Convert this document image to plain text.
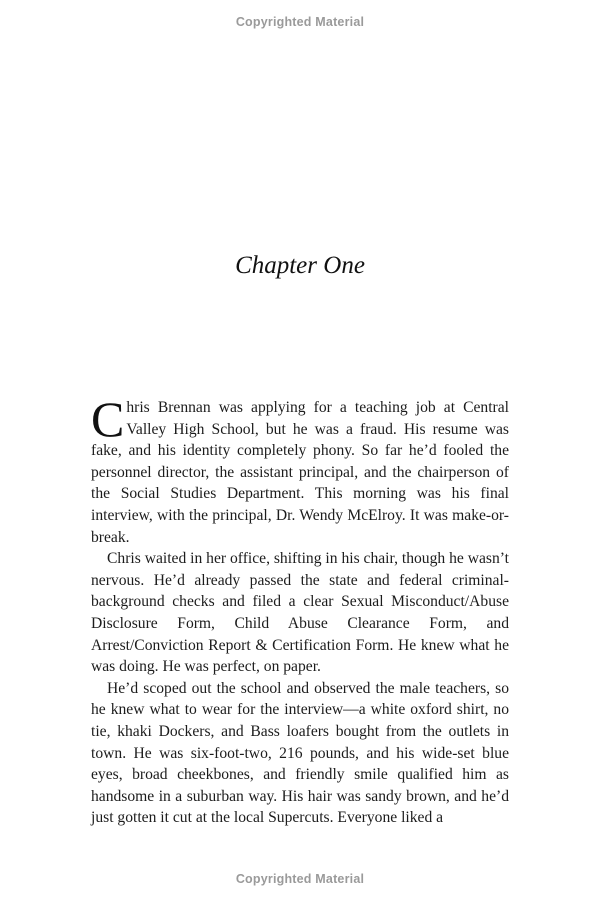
Copyrighted Material
Chapter One

Chris Brennan was applying for a teaching job at Central Valley High School, but he was a fraud. His resume was fake, and his identity completely phony. So far he’d fooled the personnel director, the assistant principal, and the chairperson of the Social Studies Department. This morning was his final interview, with the principal, Dr. Wendy McElroy. It was make-or-break.

Chris waited in her office, shifting in his chair, though he wasn’t nervous. He’d already passed the state and federal criminal-background checks and filed a clear Sexual Misconduct/Abuse Disclosure Form, Child Abuse Clearance Form, and Arrest/Conviction Report & Certification Form. He knew what he was doing. He was perfect, on paper.

He’d scoped out the school and observed the male teachers, so he knew what to wear for the interview—a white oxford shirt, no tie, khaki Dockers, and Bass loafers bought from the outlets in town. He was six-foot-two, 216 pounds, and his wide-set blue eyes, broad cheekbones, and friendly smile qualified him as handsome in a suburban way. His hair was sandy brown, and he’d just gotten it cut at the local Supercuts. Everyone liked a

Copyrighted Material
